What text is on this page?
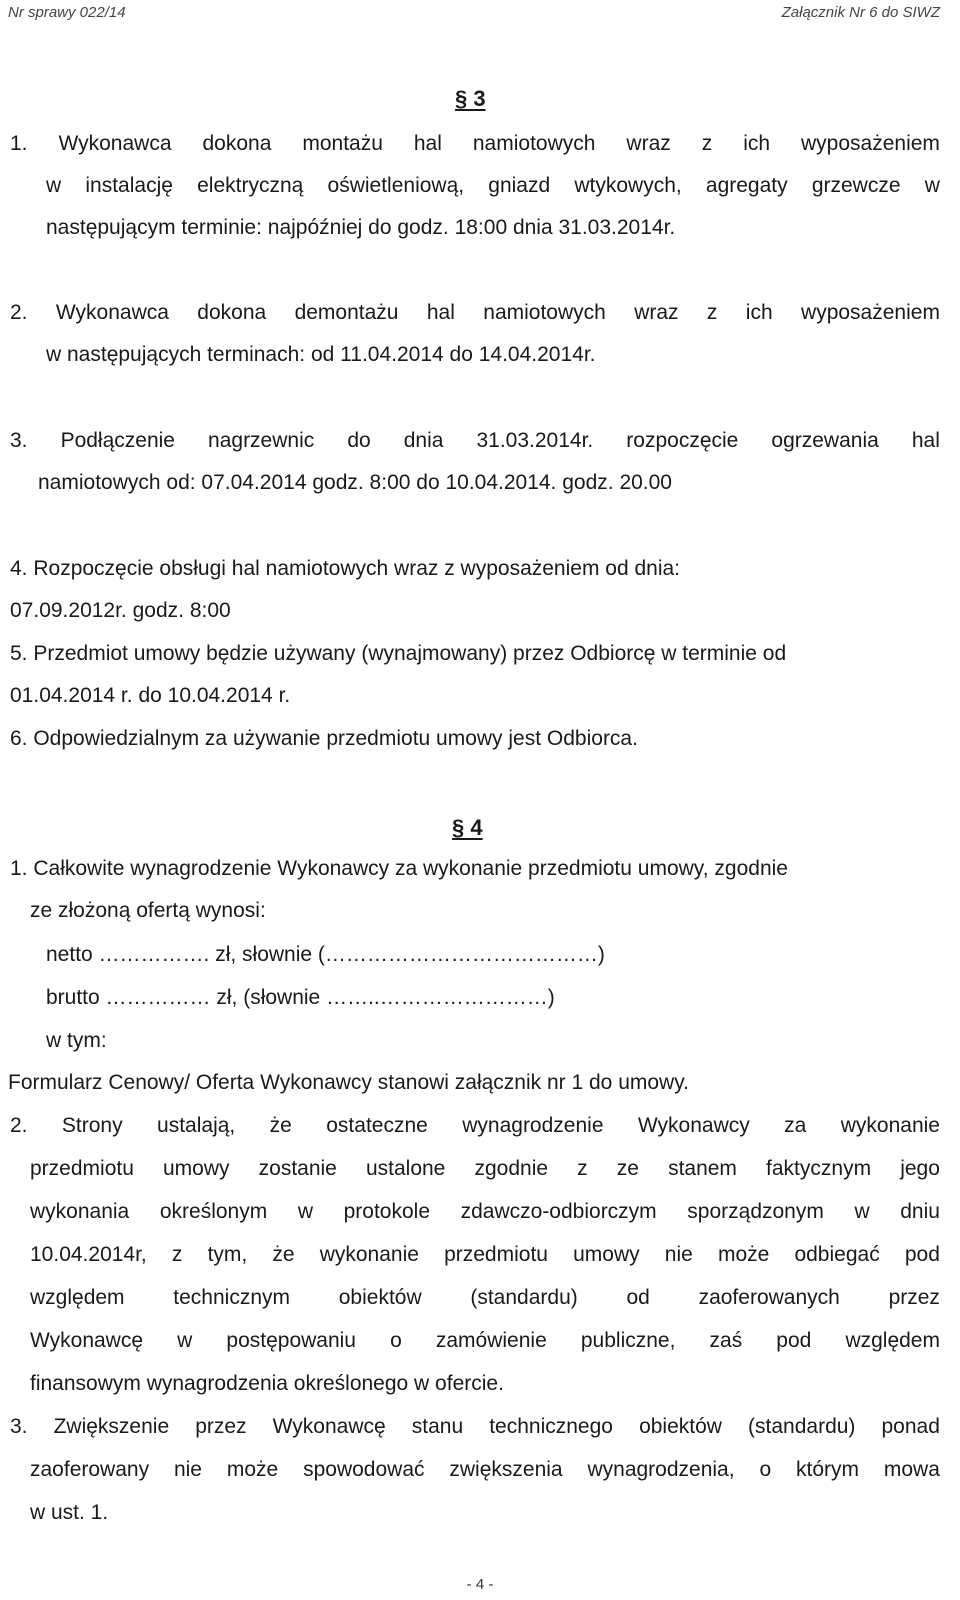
Nr sprawy 022/14	Załącznik Nr 6 do SIWZ
§ 3
1. Wykonawca dokona montażu hal namiotowych wraz z ich wyposażeniem
w instalację elektryczną oświetleniową, gniazd wtykowych, agregaty grzewcze w
następującym terminie: najpóźniej do godz. 18:00 dnia 31.03.2014r.
2. Wykonawca dokona demontażu hal namiotowych wraz z ich wyposażeniem
w następujących terminach: od 11.04.2014 do 14.04.2014r.
3. Podłączenie nagrzewnic do dnia 31.03.2014r. rozpoczęcie ogrzewania hal
namiotowych od: 07.04.2014 godz. 8:00 do 10.04.2014. godz. 20.00
4. Rozpoczęcie obsługi hal namiotowych wraz z wyposażeniem od dnia:
07.09.2012r. godz. 8:00
5. Przedmiot umowy będzie używany (wynajmowany) przez Odbiorcę w terminie od
01.04.2014 r. do 10.04.2014 r.
6. Odpowiedzialnym za używanie przedmiotu umowy jest Odbiorca.
§ 4
1. Całkowite wynagrodzenie Wykonawcy za wykonanie przedmiotu umowy, zgodnie
ze złożoną ofertą wynosi:
netto ……………. zł, słownie (…………………………………)
brutto …………… zł, (słownie ……..……………………)
w tym:
Formularz Cenowy/ Oferta Wykonawcy stanowi załącznik nr 1 do umowy.
2. Strony ustalają, że ostateczne wynagrodzenie Wykonawcy za wykonanie
przedmiotu umowy zostanie ustalone zgodnie z ze stanem faktycznym jego
wykonania określonym w protokole zdawczo-odbiorczym sporządzonym w dniu
10.04.2014r, z tym, że wykonanie przedmiotu umowy nie może odbiegać pod
względem technicznym obiektów (standardu) od zaoferowanych przez
Wykonawcę w postępowaniu o zamówienie publiczne, zaś pod względem
finansowym wynagrodzenia określonego w ofercie.
3. Zwiększenie przez Wykonawcę stanu technicznego obiektów (standardu) ponad
zaoferowany nie może spowodować zwiększenia wynagrodzenia, o którym mowa
w ust. 1.
- 4 -
